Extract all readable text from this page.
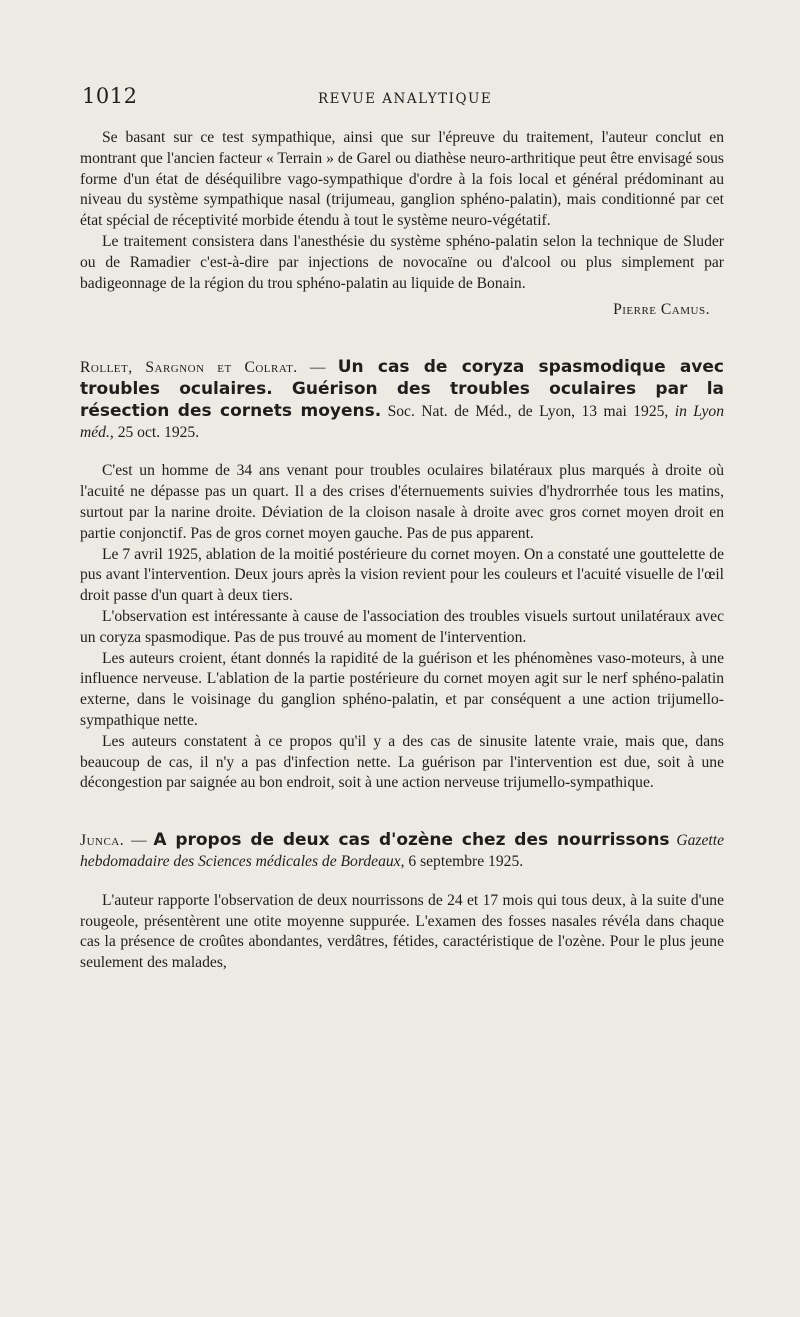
1012	REVUE ANALYTIQUE

Se basant sur ce test sympathique, ainsi que sur l'épreuve du traitement, l'auteur conclut en montrant que l'ancien facteur « Terrain » de Garel ou diathèse neuro-arthritique peut être envisagé sous forme d'un état de déséquilibre vago-sympathique d'ordre à la fois local et général prédominant au niveau du système sympathique nasal (trijumeau, ganglion sphéno-palatin), mais conditionné par cet état spécial de réceptivité morbide étendu à tout le système neuro-végétatif.

Le traitement consistera dans l'anesthésie du système sphéno-palatin selon la technique de Sluder ou de Ramadier c'est-à-dire par injections de novocaïne ou d'alcool ou plus simplement par badigeonnage de la région du trou sphéno-palatin au liquide de Bonain.

Pierre Camus.

Rollet, Sargnon et Colrat. — Un cas de coryza spasmodique avec troubles oculaires. Guérison des troubles oculaires par la résection des cornets moyens. Soc. Nat. de Méd., de Lyon, 13 mai 1925, in Lyon méd., 25 oct. 1925.

C'est un homme de 34 ans venant pour troubles oculaires bilatéraux plus marqués à droite où l'acuité ne dépasse pas un quart. Il a des crises d'éternuements suivies d'hydrorrhée tous les matins, surtout par la narine droite. Déviation de la cloison nasale à droite avec gros cornet moyen droit en partie conjonctif. Pas de gros cornet moyen gauche. Pas de pus apparent.

Le 7 avril 1925, ablation de la moitié postérieure du cornet moyen. On a constaté une gouttelette de pus avant l'intervention. Deux jours après la vision revient pour les couleurs et l'acuité visuelle de l'œil droit passe d'un quart à deux tiers.

L'observation est intéressante à cause de l'association des troubles visuels surtout unilatéraux avec un coryza spasmodique. Pas de pus trouvé au moment de l'intervention.

Les auteurs croient, étant donnés la rapidité de la guérison et les phénomènes vaso-moteurs, à une influence nerveuse. L'ablation de la partie postérieure du cornet moyen agit sur le nerf sphéno-palatin externe, dans le voisinage du ganglion sphéno-palatin, et par conséquent a une action trijumello-sympathique nette.

Les auteurs constatent à ce propos qu'il y a des cas de sinusite latente vraie, mais que, dans beaucoup de cas, il n'y a pas d'infection nette. La guérison par l'intervention est due, soit à une décongestion par saignée au bon endroit, soit à une action nerveuse trijumello-sympathique.

Junca. — A propos de deux cas d'ozène chez des nourrissons Gazette hebdomadaire des Sciences médicales de Bordeaux, 6 septembre 1925.

L'auteur rapporte l'observation de deux nourrissons de 24 et 17 mois qui tous deux, à la suite d'une rougeole, présentèrent une otite moyenne suppurée. L'examen des fosses nasales révéla dans chaque cas la présence de croûtes abondantes, verdâtres, fétides, caractéristique de l'ozène. Pour le plus jeune seulement des malades,
